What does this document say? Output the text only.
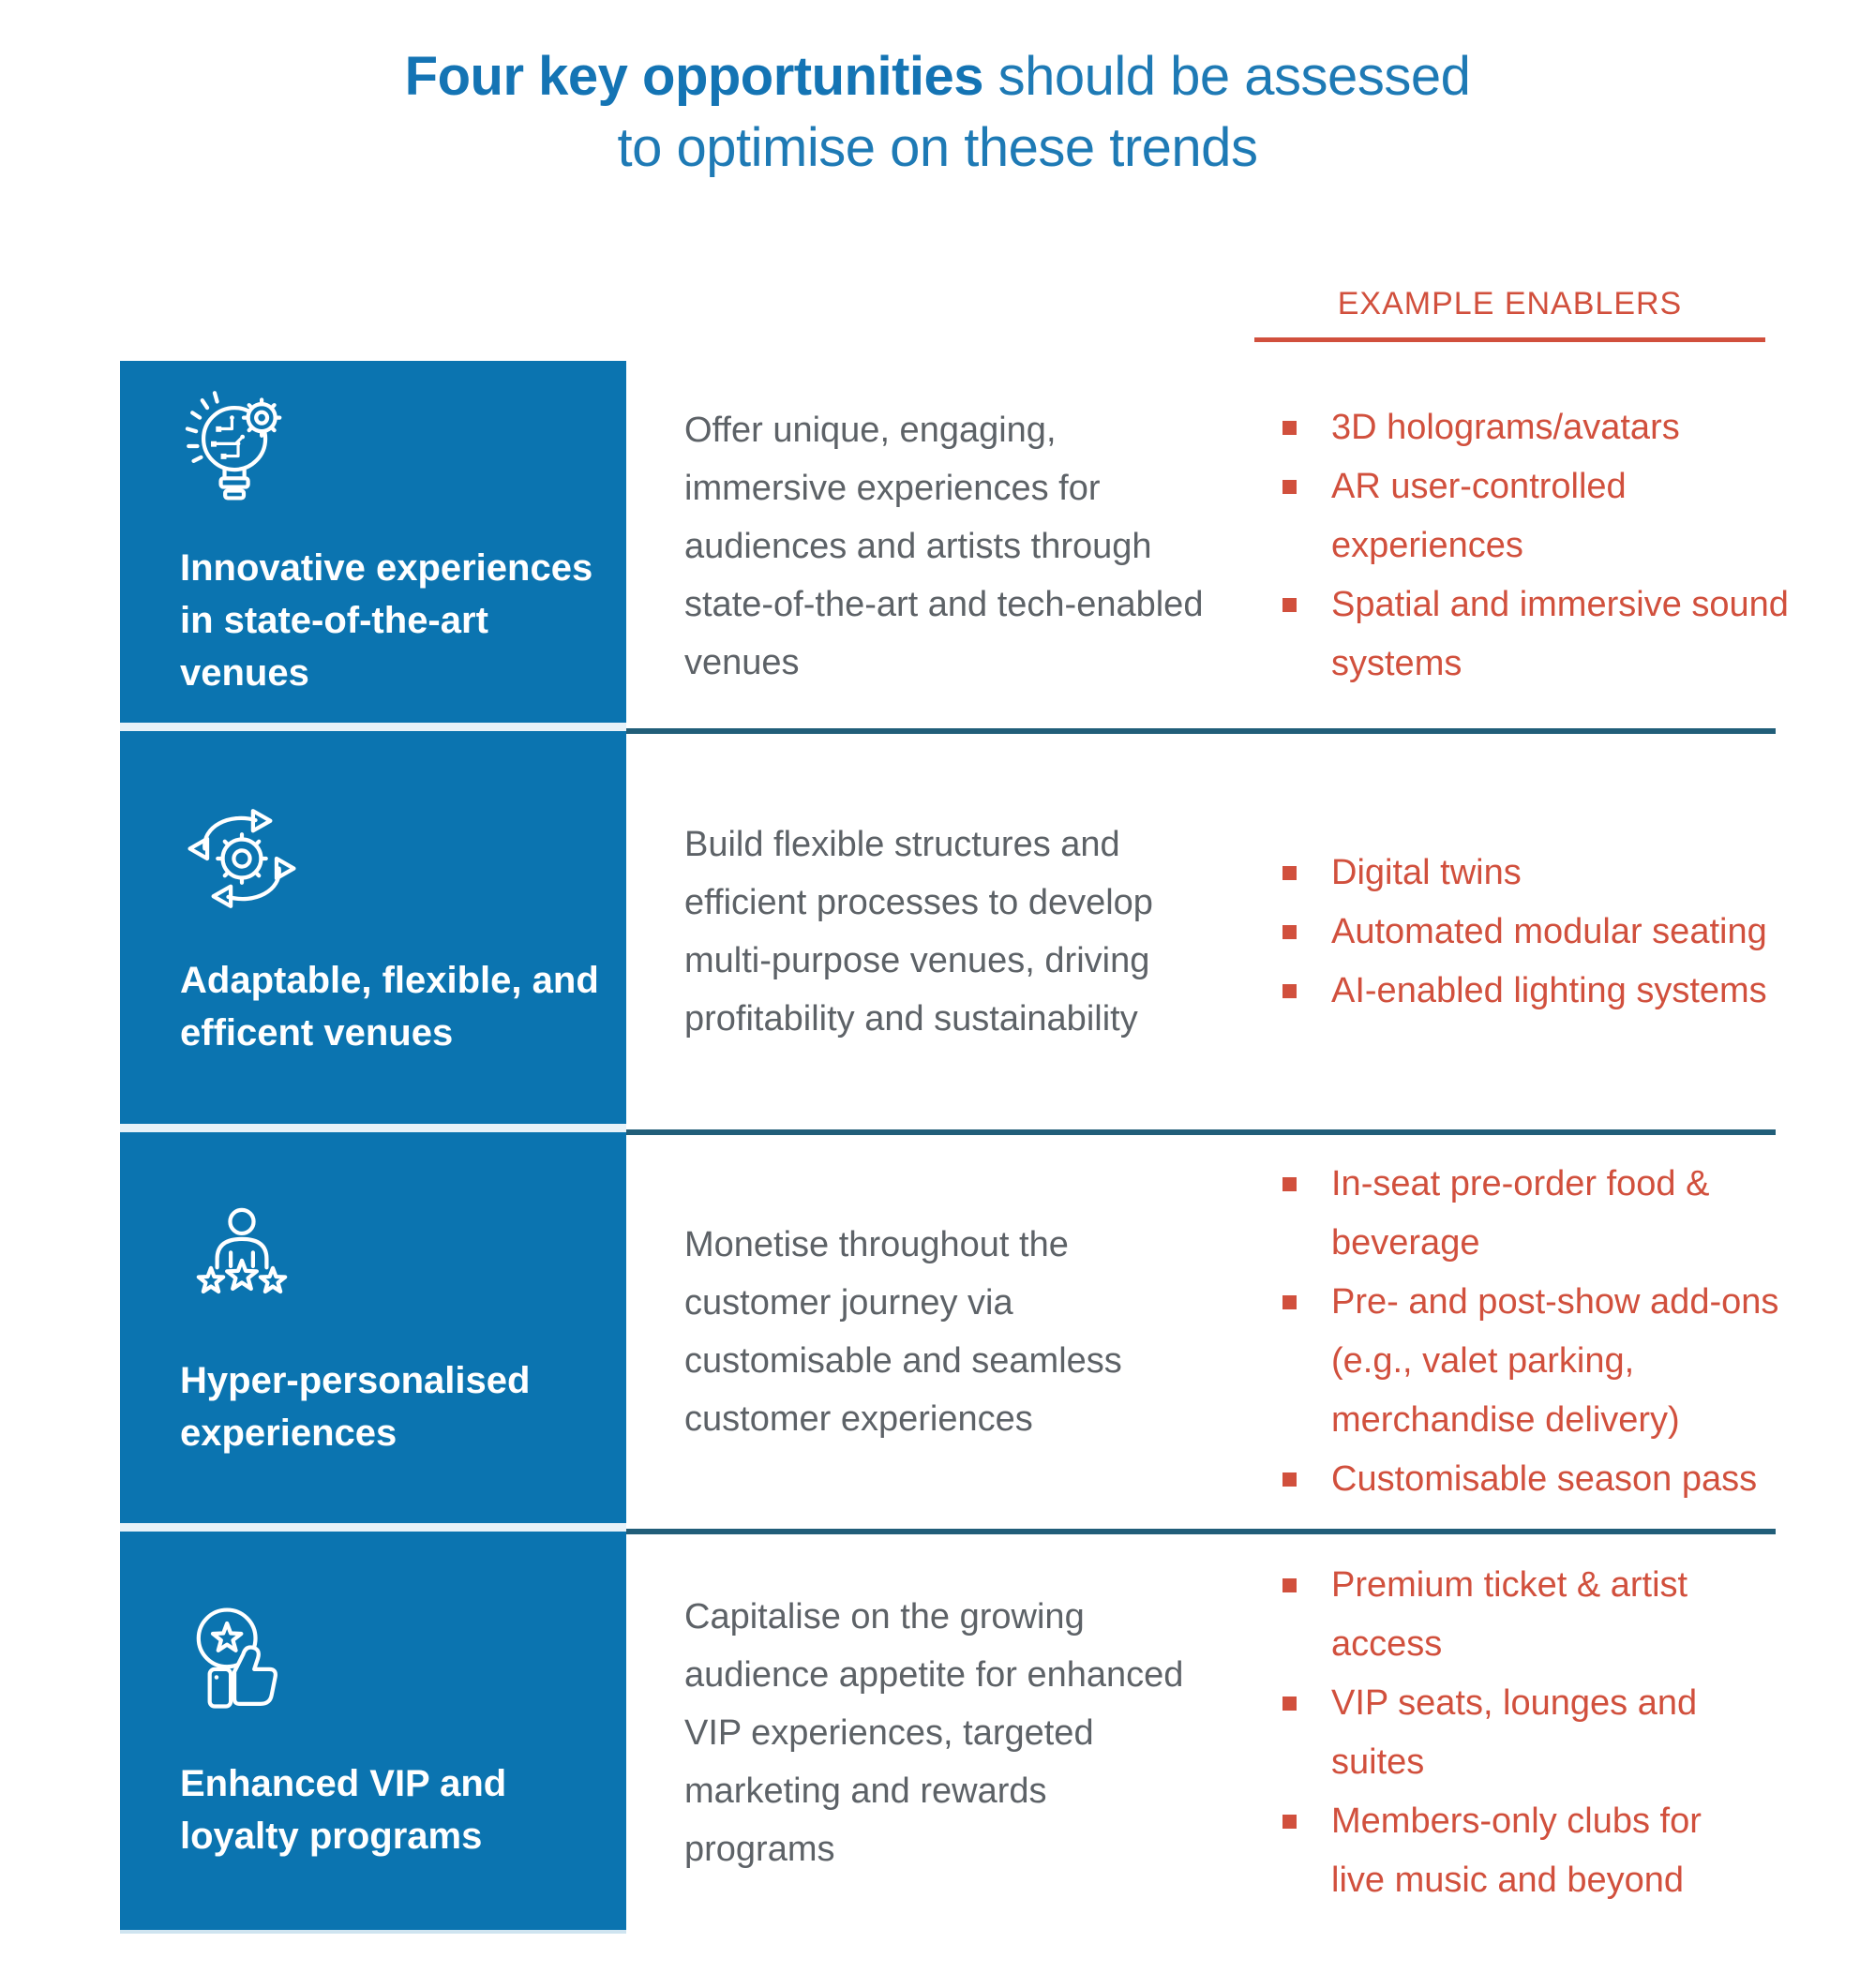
Four key opportunities should be assessed
to optimise on these trends
EXAMPLE ENABLERS
Innovative experiences in state-of-the-art venues
Offer unique, engaging, immersive experiences for audiences and artists through state-of-the-art and tech-enabled venues
3D holograms/avatars
AR user-controlled experiences
Spatial and immersive sound systems
Adaptable, flexible, and efficent venues
Build flexible structures and efficient processes to develop multi-purpose venues, driving profitability and sustainability
Digital twins
Automated modular seating
AI-enabled lighting systems
Hyper-personalised experiences
Monetise throughout the customer journey via customisable and seamless customer experiences
In-seat pre-order food & beverage
Pre- and post-show add-ons (e.g., valet parking, merchandise delivery)
Customisable season pass
Enhanced VIP and loyalty programs
Capitalise on the growing audience appetite for enhanced VIP experiences, targeted marketing and rewards programs
Premium ticket & artist access
VIP seats, lounges and suites
Members-only clubs for live music and beyond
